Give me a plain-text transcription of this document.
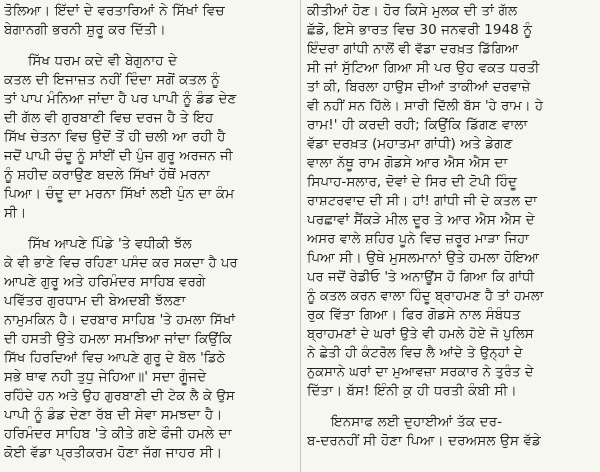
ਤੋਲਿਆ। ਇੱਦਾਂ ਦੇ ਵਰਤਾਰਿਆਂ ਨੇ ਸਿੱਖਾਂ ਵਿਚ
ਬੇਗਾਨਗੀ ਭਰਨੀ ਸ਼ੁਰੂ ਕਰ ਦਿੱਤੀ।
ਸਿੱਖ ਧਰਮ ਕਦੇ ਵੀ ਬੇਗੁਨਾਹ ਦੇ
ਕਤਲ ਦੀ ਇਜਾਜ਼ਤ ਨਹੀਂ ਦਿੰਦਾ ਸਗੋਂ ਕਤਲ ਨੂੰ
ਤਾਂ ਪਾਪ ਮੰਨਿਆ ਜਾਂਦਾ ਹੈ ਪਰ ਪਾਪੀ ਨੂੰ ਡੰਡ ਦੇਣ
ਦੀ ਗੱਲ ਵੀ ਗੁਰਬਾਣੀ ਵਿਚ ਦਰਜ ਹੈ ਤੇ ਇਹ
ਸਿੱਖ ਚੇਤਨਾ ਵਿਚ ਉਦੋਂ ਤੋਂ ਹੀ ਚਲੀ ਆ ਰਹੀ ਹੈ
ਜਦੋਂ ਪਾਪੀ ਚੰਦੂ ਨੂੰ ਸਾਂਈਂ ਦੀ ਪੁੰਜ ਗੁਰੂ ਅਰਜਨ ਜੀ
ਨੂੰ ਸ਼ਹੀਦ ਕਰਾਉਣ ਬਦਲੇ ਸਿੱਖਾਂ ਹੱਥੋਂ ਮਰਨਾ
ਪਿਆ। ਚੰਦੂ ਦਾ ਮਰਨਾ ਸਿੱਖਾਂ ਲਈ ਪੁੰਨ ਦਾ ਕੰਮ
ਸੀ।
ਸਿੱਖ ਆਪਣੇ ਪਿੰਡੇ 'ਤੇ ਵਧੀਕੀ ਝੱਲ
ਕੇ ਵੀ ਭਾਣੇ ਵਿਚ ਰਹਿਣਾ ਪਸੰਦ ਕਰ ਸਕਦਾ ਹੈ ਪਰ
ਆਪਣੇ ਗੁਰੂ ਅਤੇ ਹਰਿਮੰਦਰ ਸਾਹਿਬ ਵਰਗੇ
ਪਵਿੱਤਰ ਗੁਰਧਾਮ ਦੀ ਬੇਅਦਬੀ ਝੱਲਣਾ
ਨਾਮੁਮਕਿਨ ਹੈ। ਦਰਬਾਰ ਸਾਹਿਬ 'ਤੇ ਹਮਲਾ ਸਿੱਖਾਂ
ਦੀ ਹਸਤੀ ਉਤੇ ਹਮਲਾ ਸਮਝਿਆ ਜਾਂਦਾ ਕਿਉਂਕਿ
ਸਿੱਖ ਹਿਰਦਿਆਂ ਵਿਚ ਆਪਣੇ ਗੁਰੂ ਦੇ ਬੋਲ 'ਡਿਠੇ
ਸਭੇ ਥਾਵ ਨਹੀ ਤੁਧੁ ਜੇਹਿਆ॥' ਸਦਾ ਗੂੰਜਦੇ
ਰਹਿੰਦੇ ਹਨ ਅਤੇ ਉਹ ਗੁਰਬਾਣੀ ਦੀ ਟੇਕ ਲੈ ਕੇ ਉਸ
ਪਾਪੀ ਨੂੰ ਡੰਡ ਦੇਣਾ ਰੱਬ ਦੀ ਸੇਵਾ ਸਮਝਦਾ ਹੈ।
ਹਰਿਮੰਦਰ ਸਾਹਿਬ 'ਤੇ ਕੀਤੇ ਗਏ ਫੌਜੀ ਹਮਲੇ ਦਾ
ਕੋਈ ਵੱਡਾ ਪ੍ਰਤੀਕਰਮ ਹੋਣਾ ਜੱਗ ਜਾਹਰ ਸੀ।
ਕੀਤੀਆਂ ਹੋਣ। ਹੋਰ ਕਿਸੇ ਮੁਲਕ ਦੀ ਤਾਂ ਗੱਲ
ਛੱਡੋ, ਇਸੇ ਭਾਰਤ ਵਿਚ 30 ਜਨਵਰੀ 1948 ਨੂੰ
ਇੰਦਰਾ ਗਾਂਧੀ ਨਾਲੋਂ ਵੀ ਵੱਡਾ ਦਰਖ਼ਤ ਡਿੱਗਿਆ
ਸੀ ਜਾਂ ਸੁੱਟਿਆ ਗਿਆ ਸੀ ਪਰ ਉਹ ਵਕਤ ਧਰਤੀ
ਤਾਂ ਕੀ, ਬਿਰਲਾ ਹਾਉਸ ਦੀਆਂ ਤਾਕੀਆਂ ਦਰਵਾਜ਼ੇ
ਵੀ ਨਹੀਂ ਸਨ ਹਿੱਲੇ। ਸਾਰੀ ਦਿੱਲੀ ਬੱਸ 'ਹੇ ਰਾਮ। ਹੇ
ਰਾਮ!' ਹੀ ਕਰਦੀ ਰਹੀ; ਕਿਉਂਕਿ ਡਿੱਗਣ ਵਾਲਾ
ਵੱਡਾ ਦਰਖ਼ਤ (ਮਹਾਤਮਾ ਗਾਂਧੀ) ਅਤੇ ਡੇਗਣ
ਵਾਲਾ ਨੱਥੂ ਰਾਮ ਗੋਡਸੇ ਆਰ ਐਸ ਐਸ ਦਾ
ਸਿਪਾਹ-ਸਲਾਰ, ਦੋਵਾਂ ਦੇ ਸਿਰ ਦੀ ਟੋਪੀ ਹਿੰਦੂ
ਰਾਸ਼ਟਰਵਾਦ ਦੀ ਸੀ। ਹਾਂ! ਗਾਂਧੀ ਜੀ ਦੇ ਕਤਲ ਦਾ
ਪਰਛਾਵਾਂ ਸੈਂਕੜੇ ਮੀਲ ਦੂਰ ਤੇ ਆਰ ਐਸ ਐਸ ਦੇ
ਅਸਰ ਵਾਲੇ ਸ਼ਹਿਰ ਪੂਨੇ ਵਿਚ ਜ਼ਰੂਰ ਮਾੜਾ ਜਿਹਾ
ਪਿਆ ਸੀ। ਉਥੇ ਮੁਸਲਮਾਨਾਂ ਉਤੇ ਹਮਲਾ ਹੋਇਆ
ਪਰ ਜਦੋਂ ਰੇਡੀਓ 'ਤੇ ਅਨਾਊਂਸ ਹੋ ਗਿਆ ਕਿ ਗਾਂਧੀ
ਨੂੰ ਕਤਲ ਕਰਨ ਵਾਲਾ ਹਿੰਦੂ ਬ੍ਰਾਹਮਣ ਹੈ ਤਾਂ ਹਮਲਾ
ਰੁਕ ਵਿੱਤਾ ਗਿਆ। ਫਿਰ ਗੋਡਸੇ ਨਾਲ ਸੰਬੰਧਤ
ਬ੍ਰਾਹਮਣਾਂ ਦੇ ਘਰਾਂ ਉਤੇ ਵੀ ਹਮਲੇ ਹੋਏ ਜੋ ਪੁਲਿਸ
ਨੇ ਛੇਤੀ ਹੀ ਕੰਟਰੋਲ ਵਿਚ ਲੈ ਆਂਦੇ ਤੇ ਉਨ੍ਹਾਂ ਦੇ
ਨੁਕਸਾਨੇ ਘਰਾਂ ਦਾ ਮੁਆਵਜ਼ਾ ਸਰਕਾਰ ਨੇ ਤੁਰੰਤ ਦੇ
ਦਿੱਤਾ। ਬੱਸ! ਇੰਨੀ ਕੁ ਹੀ ਧਰਤੀ ਕੰਬੀ ਸੀ।
ਇਨਸਾਫ ਲਈ ਦੁਹਾਈਆਂ ਤੱਕ ਦਰ-
ਬ-ਦਰਨਹੀਂ ਸੀ ਹੋਣਾ ਪਿਆ। ਦਰਅਸਲ ਉਸ ਵੱਡੇ
